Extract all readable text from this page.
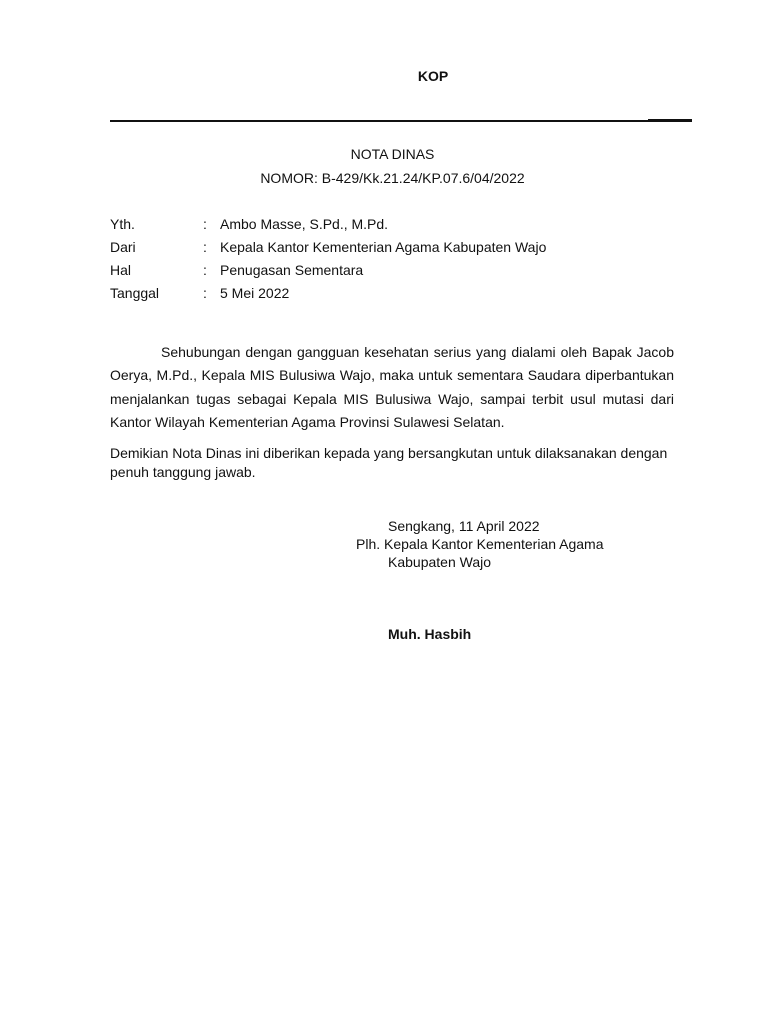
KOP
NOTA DINAS
NOMOR: B-429/Kk.21.24/KP.07.6/04/2022
Yth.	: Ambo Masse, S.Pd., M.Pd.
Dari	: Kepala Kantor Kementerian Agama Kabupaten Wajo
Hal	: Penugasan Sementara
Tanggal	: 5 Mei 2022
Sehubungan dengan gangguan kesehatan serius yang dialami oleh Bapak Jacob Oerya, M.Pd., Kepala MIS Bulusiwa Wajo, maka untuk sementara Saudara diperbantukan menjalankan tugas sebagai Kepala MIS Bulusiwa Wajo, sampai terbit usul mutasi dari Kantor Wilayah Kementerian Agama Provinsi Sulawesi Selatan.
Demikian Nota Dinas ini diberikan kepada yang bersangkutan untuk dilaksanakan dengan penuh tanggung jawab.
Sengkang, 11 April 2022
Plh. Kepala Kantor Kementerian Agama
Kabupaten Wajo
Muh. Hasbih
